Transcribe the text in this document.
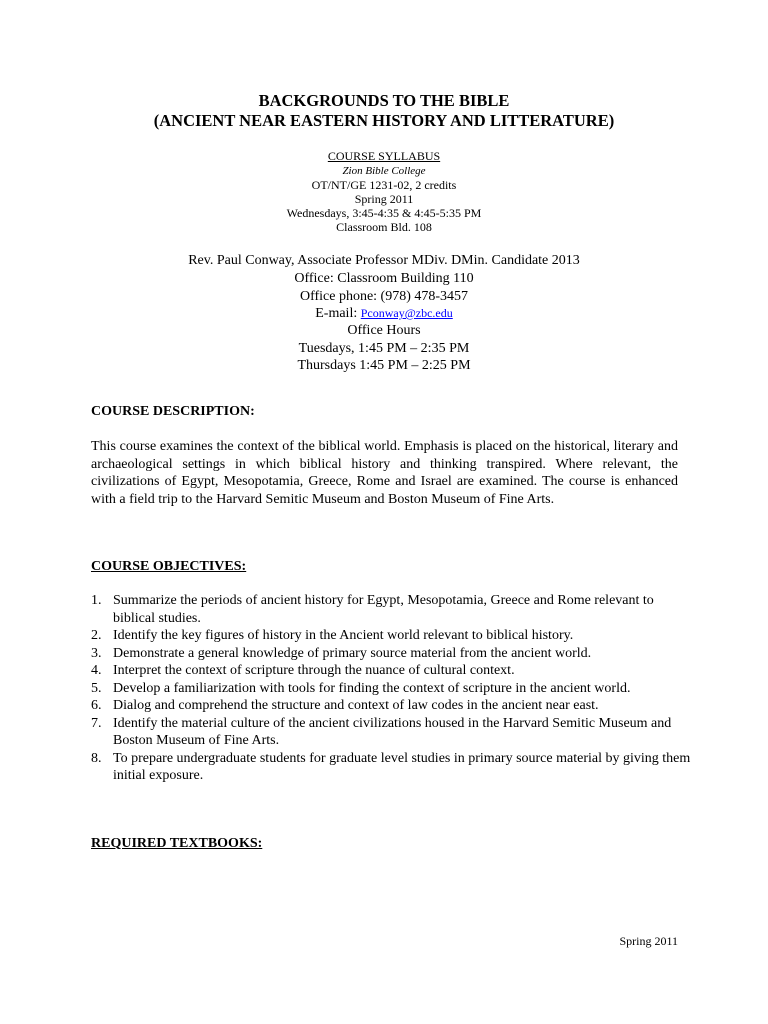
BACKGROUNDS TO THE BIBLE
(ANCIENT NEAR EASTERN HISTORY AND LITTERATURE)
COURSE SYLLABUS
Zion Bible College
OT/NT/GE 1231-02, 2 credits
Spring 2011
Wednesdays, 3:45-4:35 & 4:45-5:35 PM
Classroom Bld. 108
Rev. Paul Conway, Associate Professor MDiv. DMin. Candidate 2013
Office: Classroom Building 110
Office phone: (978) 478-3457
E-mail: Pconway@zbc.edu
Office Hours
Tuesdays, 1:45 PM – 2:35 PM
Thursdays 1:45 PM – 2:25 PM
COURSE DESCRIPTION:

This course examines the context of the biblical world. Emphasis is placed on the historical, literary and archaeological settings in which biblical history and thinking transpired. Where relevant, the civilizations of Egypt, Mesopotamia, Greece, Rome and Israel are examined. The course is enhanced with a field trip to the Harvard Semitic Museum and Boston Museum of Fine Arts.

COURSE OBJECTIVES:
1. Summarize the periods of ancient history for Egypt, Mesopotamia, Greece and Rome relevant to biblical studies.
2. Identify the key figures of history in the Ancient world relevant to biblical history.
3. Demonstrate a general knowledge of primary source material from the ancient world.
4. Interpret the context of scripture through the nuance of cultural context.
5. Develop a familiarization with tools for finding the context of scripture in the ancient world.
6. Dialog and comprehend the structure and context of law codes in the ancient near east.
7. Identify the material culture of the ancient civilizations housed in the Harvard Semitic Museum and Boston Museum of Fine Arts.
8. To prepare undergraduate students for graduate level studies in primary source material by giving them initial exposure.
REQUIRED TEXTBOOKS:
Spring 2011
